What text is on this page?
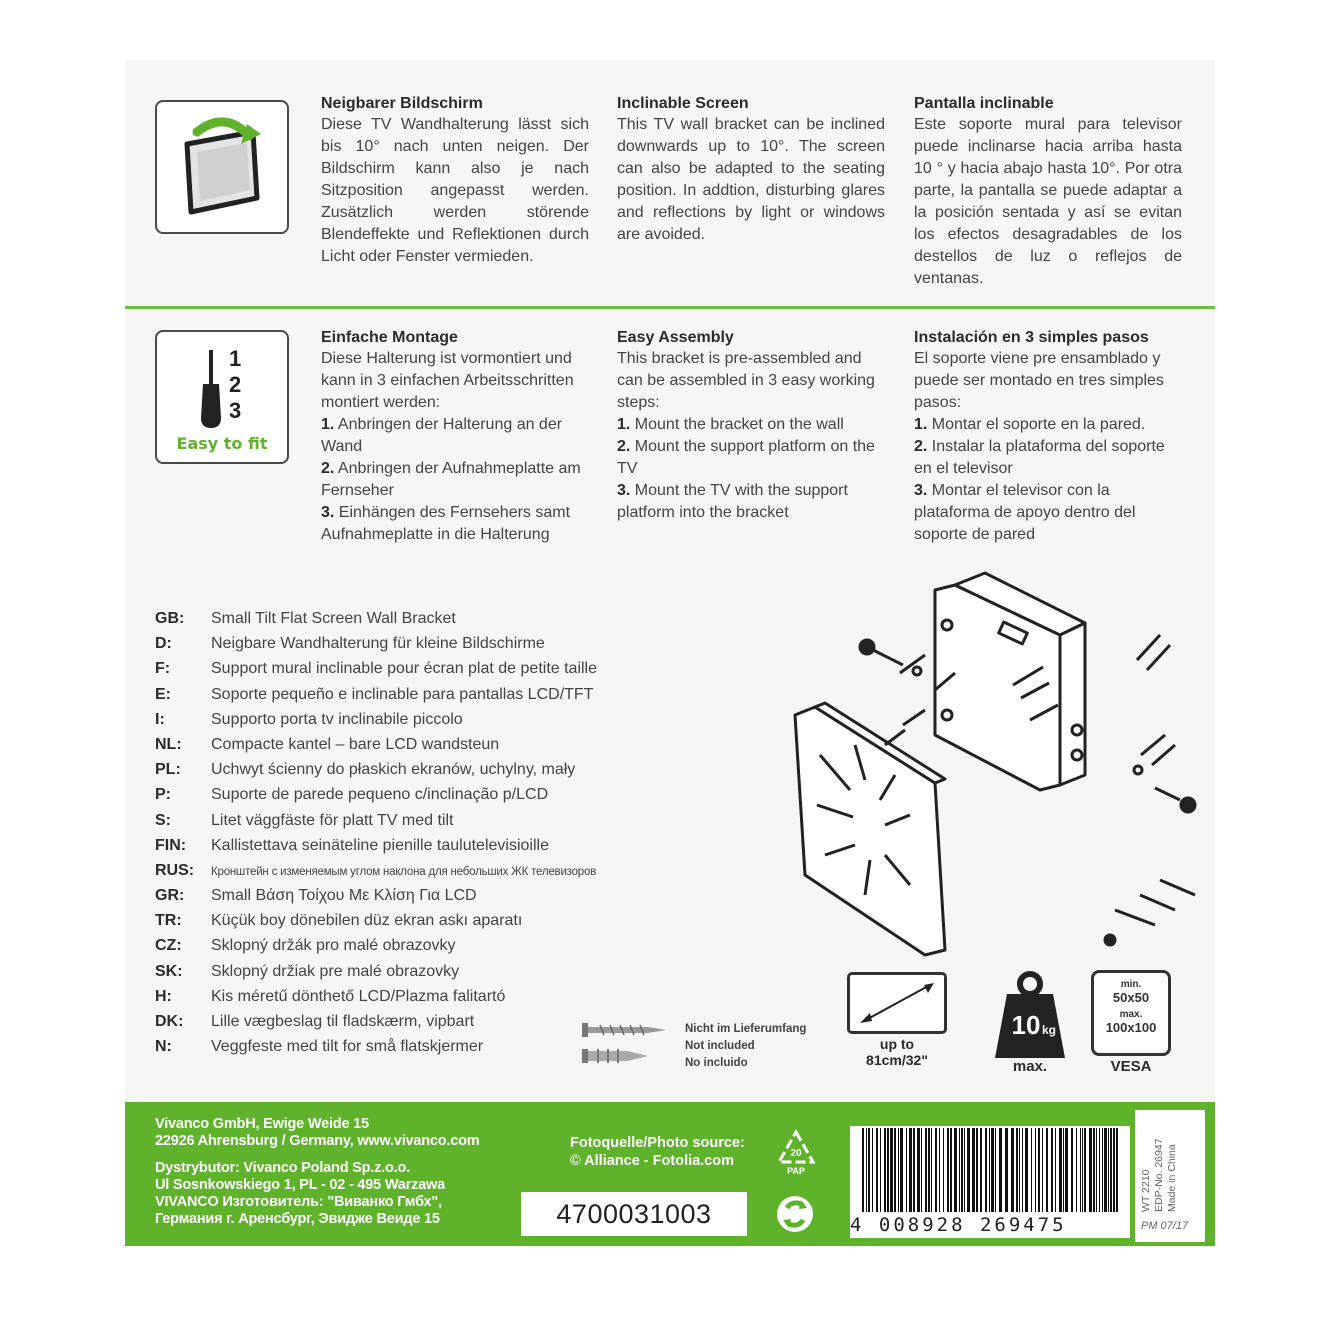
Neigbarer Bildschirm

Diese TV Wandhalterung lässt sich bis 10° nach unten neigen. Der Bildschirm kann also je nach Sitzposition angepasst werden. Zusätzlich werden störende Blendeffekte und Reflektionen durch Licht oder Fenster vermieden.

Inclinable Screen

This TV wall bracket can be inclined downwards up to 10°. The screen can also be adapted to the seating position. In addtion, disturbing glares and reflections by light or windows are avoided.

Pantalla inclinable

Este soporte mural para televisor puede inclinarse hacia arriba hasta 10 ° y hacia abajo hasta 10°. Por otra parte, la pantalla se puede adaptar a la posición sentada y así se evitan los efectos desagradables de los destellos de luz o reflejos de ventanas.

1
2
3
Easy to fit
Einfache Montage

Diese Halterung ist vormontiert und kann in 3 einfachen Arbeitsschritten montiert werden:

1. Anbringen der Halterung an der Wand

2. Anbringen der Aufnahmeplatte am Fernseher

3. Einhängen des Fernsehers samt Aufnahmeplatte in die Halterung

Easy Assembly

This bracket is pre-assembled and can be assembled in 3 easy working steps:

1. Mount the bracket on the wall

2. Mount the support platform on the TV

3. Mount the TV with the support platform into the bracket

Instalación en 3 simples pasos

El soporte viene pre ensamblado y puede ser montado en tres simples pasos:

1. Montar el soporte en la pared.

2. Instalar la plataforma del soporte en el televisor

3. Montar el televisor con la plataforma de apoyo dentro del soporte de pared

GB: Small Tilt Flat Screen Wall Bracket
D: Neigbare Wandhalterung für kleine Bildschirme
F:	Support mural inclinable pour écran plat de petite taille
E:	Soporte pequeño e inclinable para pantallas LCD/TFT
I:	Supporto porta tv inclinabile piccolo
NL: Compacte kantel – bare LCD wandsteun
PL: Uchwyt ścienny do płaskich ekranów, uchylny, mały
P:	Suporte de parede pequeno c/inclinação p/LCD
S:	Litet väggfäste för platt TV med tilt
FIN: Kallistettava seinäteline pienille taulutelevisioille
RUS: Кронштейн с изменяемым углом наклона для небольших ЖК телевизоров
GR: Small Βάση Τοίχου Με Κλίση Για LCD
TR: Küçük boy dönebilen düz ekran askı aparatı
CZ: Sklopný držák pro malé obrazovky
SK: Sklopný držiak pre malé obrazovky
H: Kis méretű dönthető LCD/Plazma falitartó
DK: Lille vægbeslag til fladskærm, vipbart
N: Veggfeste med tilt for små flatskjermer
Nicht im Lieferumfang
Not included
No incluido
up to
81cm/32"
10 kg
max.
min.
50x50
max.
100x100
VESA
Vivanco GmbH, Ewige Weide 15
22926 Ahrensburg / Germany, www.vivanco.com
Dystrybutor: Vivanco Poland Sp.z.o.o.
Ul Sosnkowskiego 1, PL - 02 - 495 Warzawa
VIVANCO Изготовитель: "Виванко Гмбх",
Германия г. Аренсбург, Эвидже Веиде 15
Fotoquelle/Photo source:
© Alliance - Fotolia.com
4700031003
20
PAP
4 008928 269475
WT 2210 EDP-No. 26947 Made in China
PM 07/17
